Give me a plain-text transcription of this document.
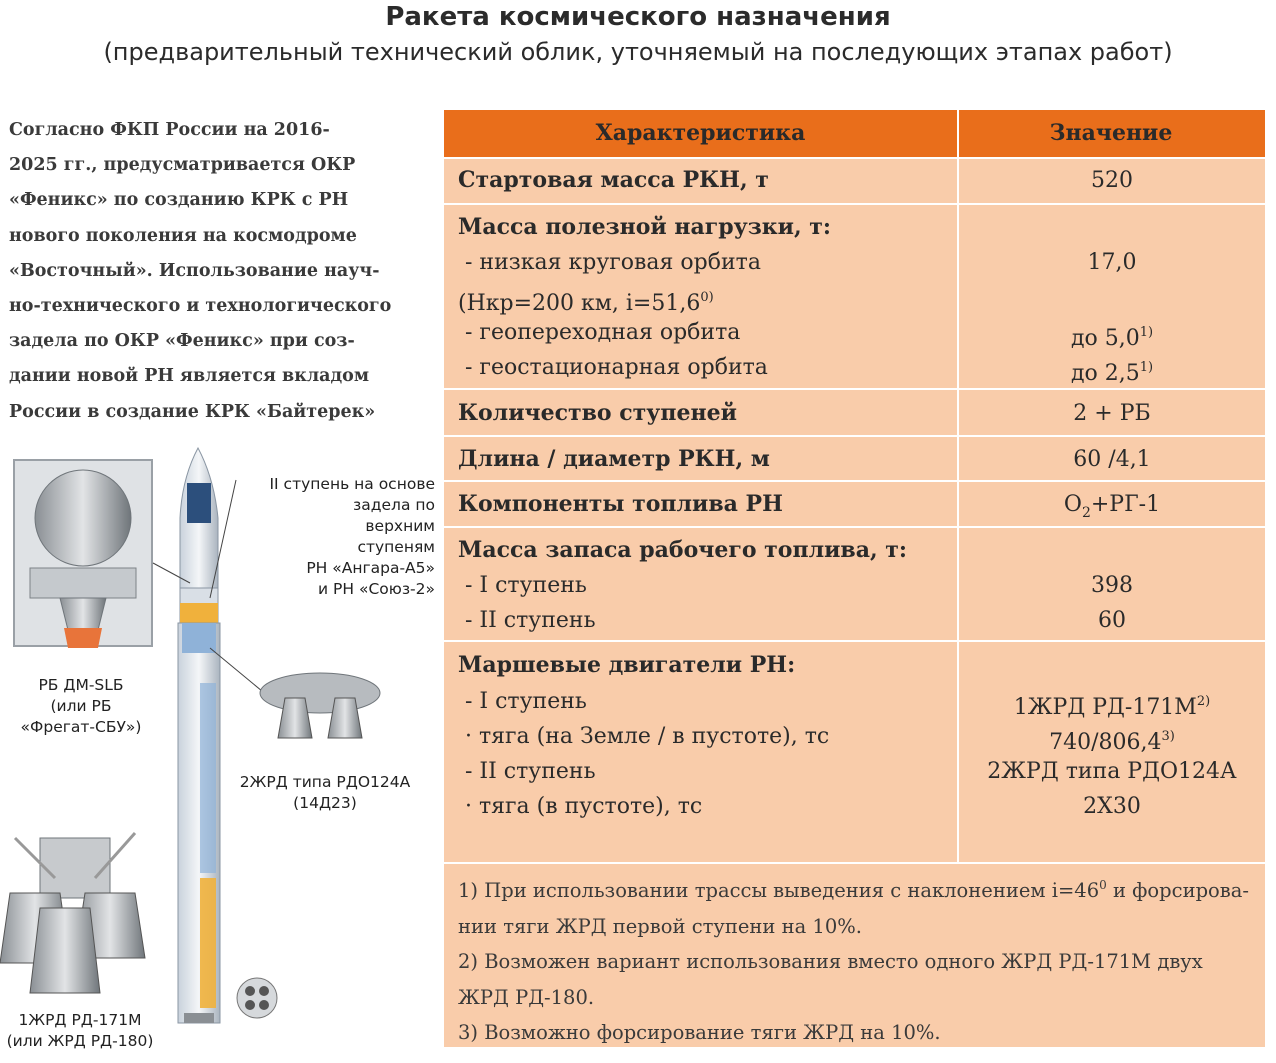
Ракета космического назначения
(предварительный технический облик, уточняемый на последующих этапах работ)
Согласно ФКП России на 2016-
2025 гг., предусматривается ОКР
«Феникс» по созданию КРК с РН
нового поколения на космодроме
«Восточный». Использование науч-
но-технического и технологического
задела по ОКР «Феникс» при соз-
дании новой РН является вкладом
России в создание КРК «Байтерек»
Характеристика	Значение
Стартовая масса РКН, т	520
Масса полезной нагрузки, т:
- низкая круговая орбита
(Нкр=200 км, $i=51,6^{0)}$
17,0
- геопереходная орбита	до 5,0$^{1)}$
- геостационарная орбита	до 2,5$^{1)}$
Количество ступеней	2 + РБ
Длина / диаметр РКН, м	60 /4,1
Компоненты топлива РН	$О_2+РГ-1$
Масса запаса рабочего топлива, т:
- I ступень	398
- II ступень	60
Маршевые двигатели РН:
- I ступень	1ЖРД $РД-171М^{2)}$
· тяга (на Земле / в пустоте), тс	740/806,4$^{3)}$
- II ступень	2ЖРД типа РДО124А
· тяга (в пустоте), тс	2Х30
1) При использовании трассы выведения с наклонением $i=46^0$ и форсирова-
нии тяги ЖРД первой ступени на 10%.
2) Возможен вариант использования вместо одного ЖРД РД-171М двух
ЖРД РД-180.
3) Возможно форсирование тяги ЖРД на 10%.
РБ ДМ-SLБ
(или РБ
«Фрегат-СБУ»)
II ступень на основе
задела по
верхним
ступеням
РН «Ангара-А5»
и РН «Союз-2»
2ЖРД типа РДО124А
(14Д23)
1ЖРД РД-171М
(или ЖРД РД-180)
